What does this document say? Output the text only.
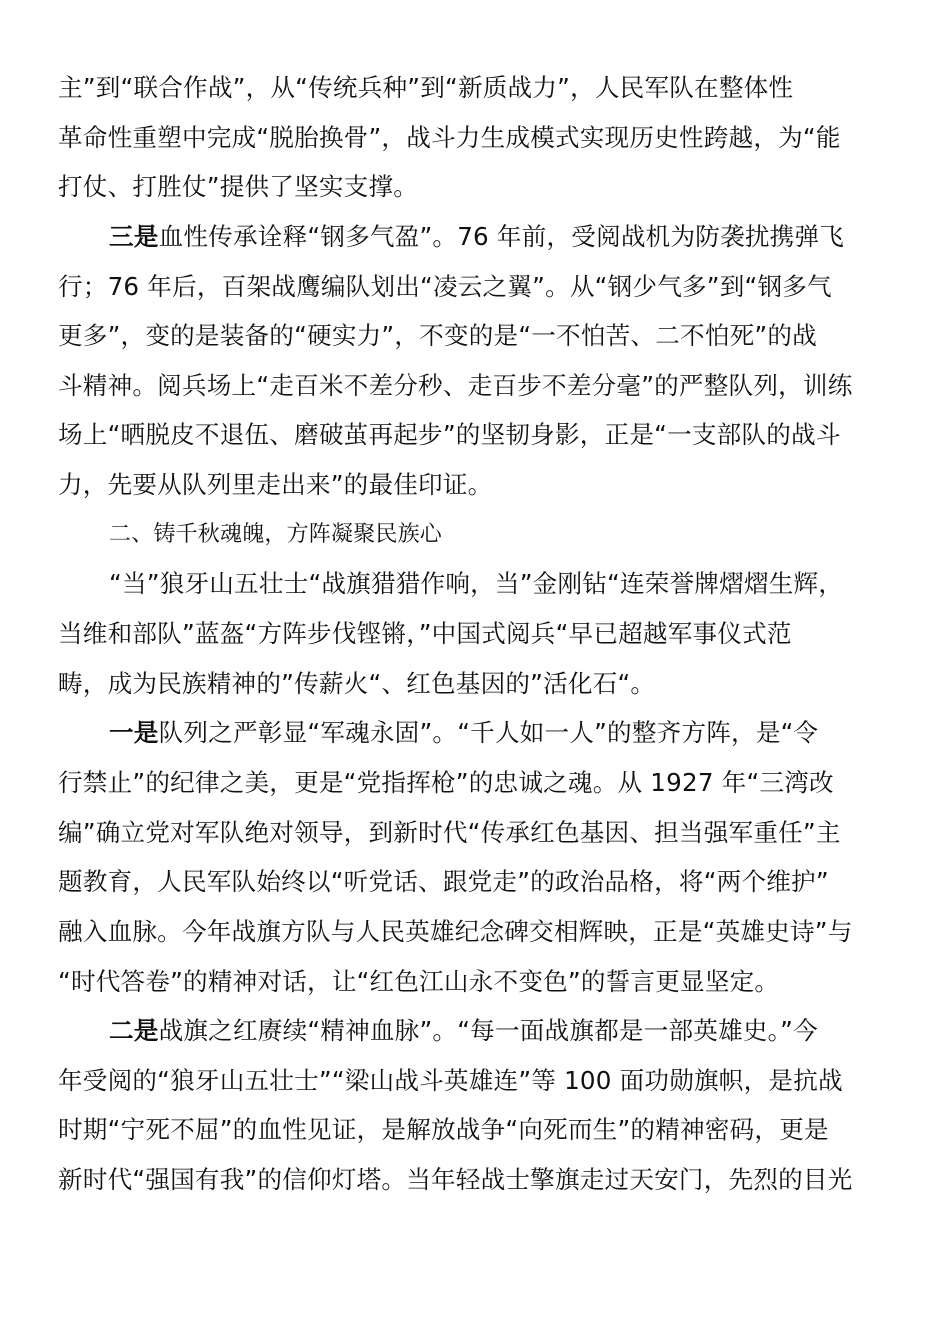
主”到“联合作战”，从“传统兵种”到“新质战力”，人民军队在整体性
革命性重塑中完成“脱胎换骨”，战斗力生成模式实现历史性跨越，为“能
打仗、打胜仗”提供了坚实支撑。
三是血性传承诠释“钢多气盈”。76 年前，受阅战机为防袭扰携弹飞
行；76 年后，百架战鹰编队划出“凌云之翼”。从“钢少气多”到“钢多气
更多”，变的是装备的“硬实力”，不变的是“一不怕苦、二不怕死”的战
斗精神。阅兵场上“走百米不差分秒、走百步不差分毫”的严整队列，训练
场上“晒脱皮不退伍、磨破茧再起步”的坚韧身影，正是“一支部队的战斗
力，先要从队列里走出来”的最佳印证。
二、铸千秋魂魄，方阵凝聚民族心
“当”狼牙山五壮士“战旗猎猎作响，当”金刚钻“连荣誉牌熠熠生辉，
当维和部队”蓝盔“方阵步伐铿锵，”中国式阅兵“早已超越军事仪式范
畴，成为民族精神的”传薪火“、红色基因的”活化石“。
一是队列之严彰显“军魂永固”。“千人如一人”的整齐方阵，是“令
行禁止”的纪律之美，更是“党指挥枪”的忠诚之魂。从 1927 年“三湾改
编”确立党对军队绝对领导，到新时代“传承红色基因、担当强军重任”主
题教育，人民军队始终以“听党话、跟党走”的政治品格，将“两个维护”
融入血脉。今年战旗方队与人民英雄纪念碑交相辉映，正是“英雄史诗”与
“时代答卷”的精神对话，让“红色江山永不变色”的誓言更显坚定。
二是战旗之红赓续“精神血脉”。“每一面战旗都是一部英雄史。”今
年受阅的“狼牙山五壮士”“梁山战斗英雄连”等 100 面功勋旗帜，是抗战
时期“宁死不屈”的血性见证，是解放战争“向死而生”的精神密码，更是
新时代“强国有我”的信仰灯塔。当年轻战士擎旗走过天安门，先烈的目光
